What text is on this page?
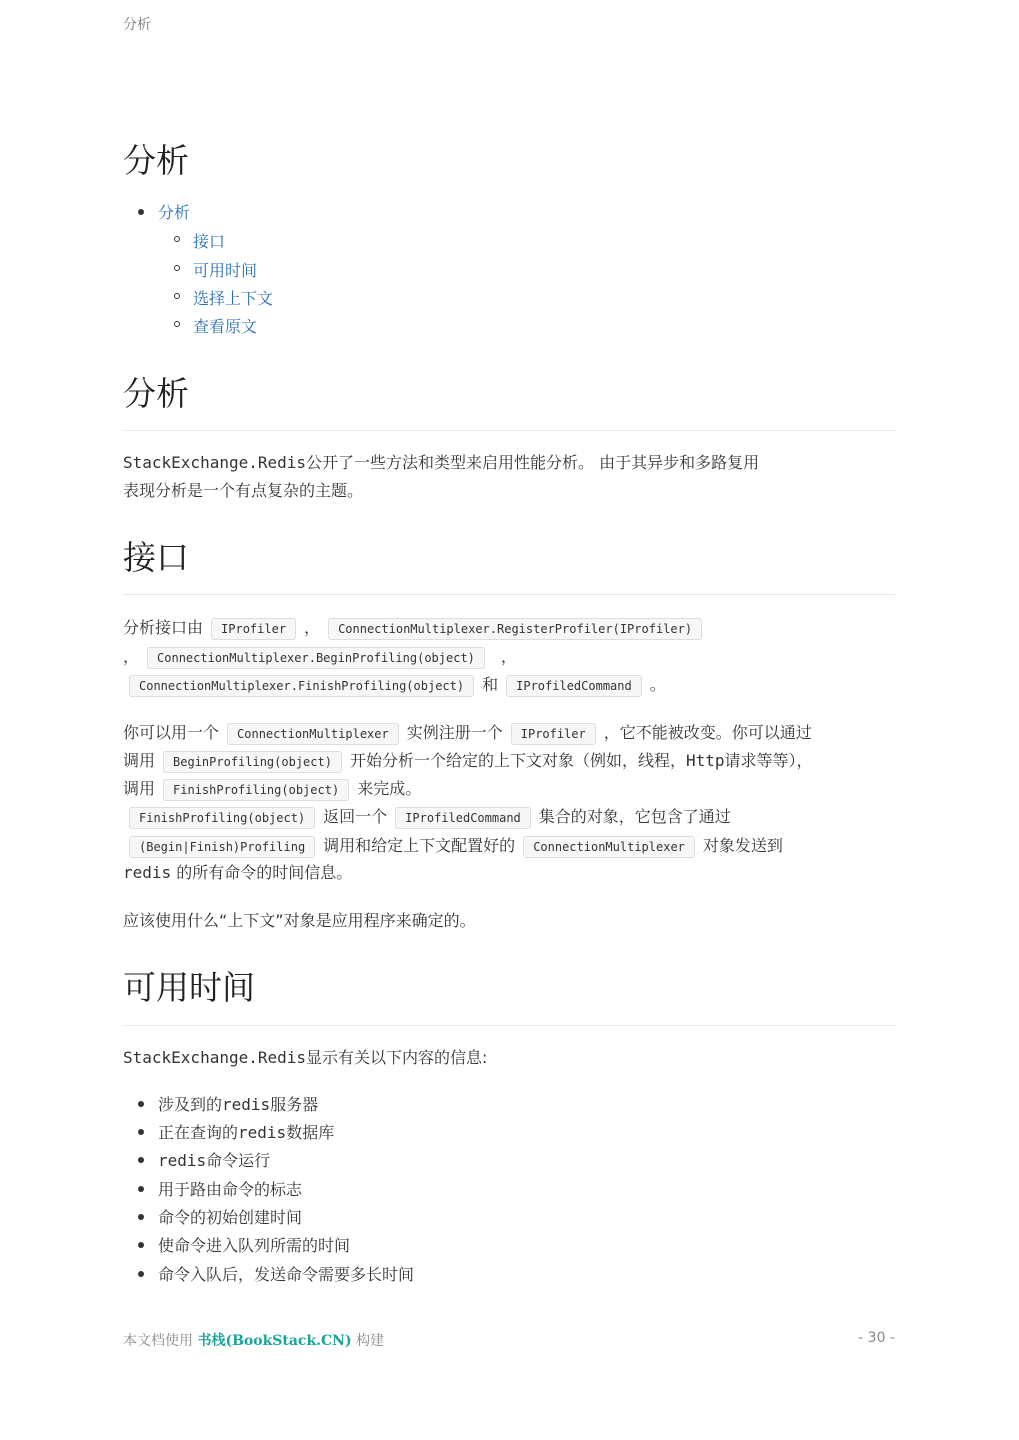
分析
分析
分析
接口
可用时间
选择上下文
查看原文
分析
StackExchange.Redis公开了一些方法和类型来启用性能分析。 由于其异步和多路复用
表现分析是一个有点复杂的主题。
接口
分析接口由 IProfiler ， ConnectionMultiplexer.RegisterProfiler(IProfiler)
， ConnectionMultiplexer.BeginProfiling(object) ，
ConnectionMultiplexer.FinishProfiling(object) 和 IProfiledCommand 。
你可以用一个 ConnectionMultiplexer 实例注册一个 IProfiler ，它不能被改变。你可以通过
调用 BeginProfiling(object) 开始分析一个给定的上下文对象（例如，线程，Http请求等等），
调用 FinishProfiling(object) 来完成。
FinishProfiling(object) 返回一个 IProfiledCommand 集合的对象，它包含了通过
(Begin|Finish)Profiling 调用和给定上下文配置好的 ConnectionMultiplexer 对象发送到
redis 的所有命令的时间信息。
应该使用什么“上下文”对象是应用程序来确定的。
可用时间
StackExchange.Redis显示有关以下内容的信息:
涉及到的redis服务器
正在查询的redis数据库
redis命令运行
用于路由命令的标志
命令的初始创建时间
使命令进入队列所需的时间
命令入队后，发送命令需要多长时间
本文档使用 书栈(BookStack.CN) 构建	- 30 -
